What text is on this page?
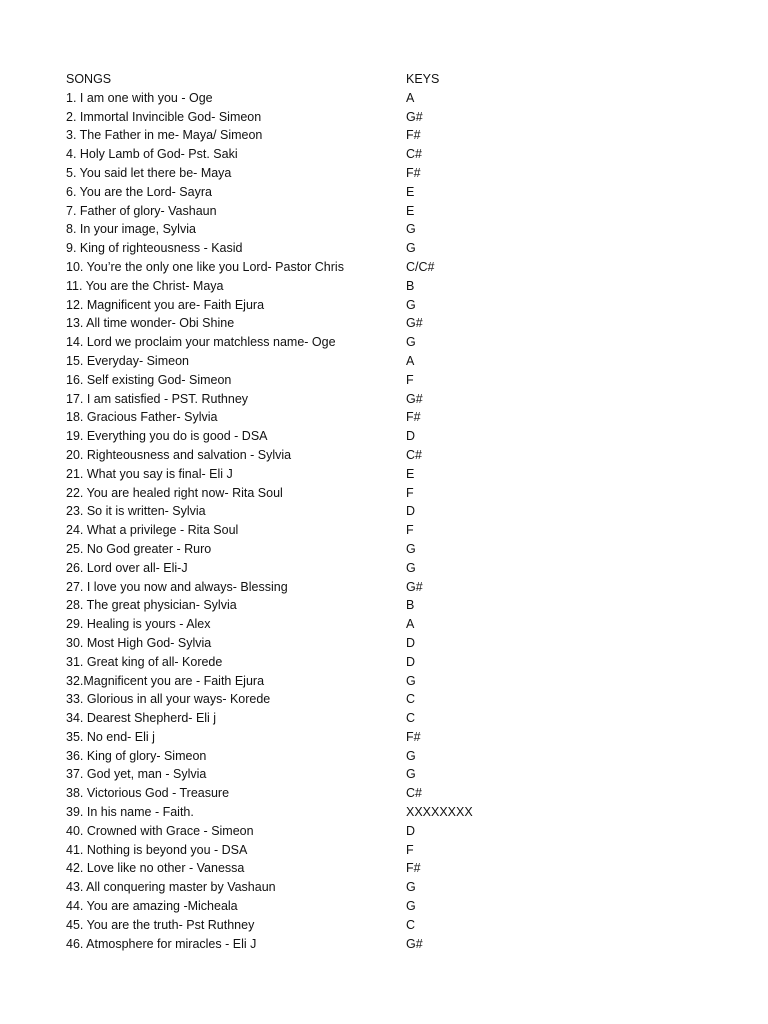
SONGS	KEYS
1. I am one with you - Oge	A
2. Immortal Invincible God- Simeon	G#
3. The Father in me- Maya/ Simeon	F#
4. Holy Lamb of God- Pst. Saki	C#
5. You said let there be- Maya	F#
6. You are the Lord- Sayra	E
7. Father of glory- Vashaun	E
8. In your image, Sylvia	G
9. King of righteousness - Kasid	G
10. You’re the only one like you Lord- Pastor Chris	C/C#
11. You are the Christ- Maya	B
12. Magnificent you are- Faith Ejura	G
13. All time wonder- Obi Shine	G#
14. Lord we proclaim your matchless name- Oge	G
15. Everyday- Simeon	A
16. Self existing God- Simeon	F
17. I am satisfied - PST. Ruthney	G#
18. Gracious Father- Sylvia	F#
19. Everything you do is good - DSA	D
20. Righteousness and salvation - Sylvia	C#
21. What you say is final- Eli J	E
22. You are healed right now- Rita Soul	F
23. So it is written- Sylvia	D
24. What a privilege - Rita Soul	F
25. No God greater - Ruro	G
26. Lord over all- Eli-J	G
27. I love you now and always- Blessing	G#
28. The great physician- Sylvia	B
29. Healing is yours - Alex	A
30. Most High God- Sylvia	D
31. Great king of all- Korede	D
32.Magnificent you are - Faith Ejura	G
33. Glorious in all your ways- Korede	C
34. Dearest Shepherd- Eli j	C
35. No end- Eli j	F#
36. King of glory- Simeon	G
37. God yet, man - Sylvia	G
38. Victorious God - Treasure	C#
39. In his name - Faith.	XXXXXXXX
40. Crowned with Grace - Simeon	D
41. Nothing is beyond you - DSA	F
42. Love like no other - Vanessa	F#
43. All conquering master by Vashaun	G
44. You are amazing -Micheala	G
45. You are the truth- Pst Ruthney	C
46. Atmosphere for miracles - Eli J	G#
